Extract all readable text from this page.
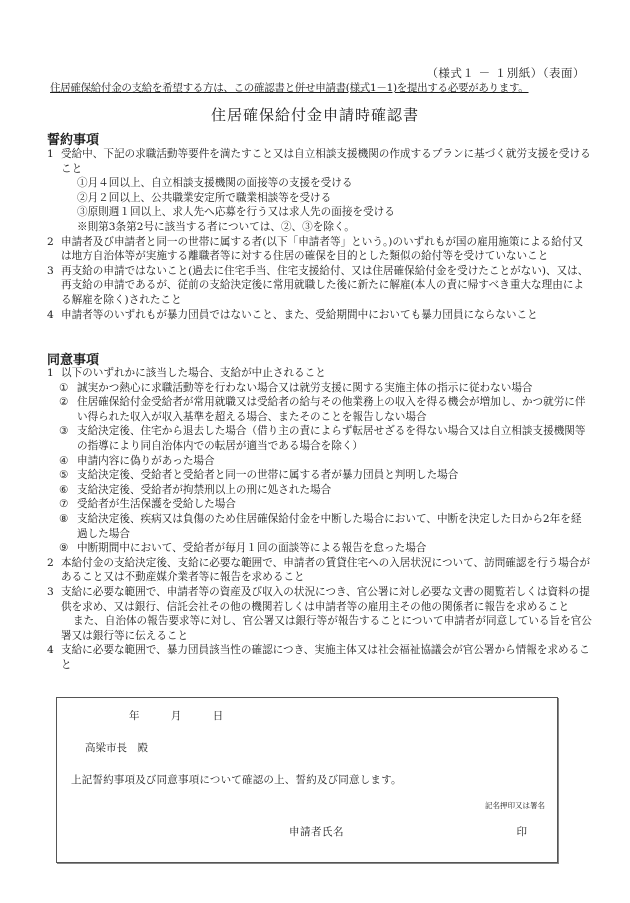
（様式１ － １別紙）（表面）
住居確保給付金の支給を希望する方は、この確認書と併せ申請書(様式1－1)を提出する必要があります。
住居確保給付金申請時確認書
誓約事項
1 受給中、下記の求職活動等要件を満たすこと又は自立相談支援機関の作成するプランに基づく就労支援を受けること
①月４回以上、自立相談支援機関の面接等の支援を受ける
②月２回以上、公共職業安定所で職業相談等を受ける
③原則週１回以上、求人先へ応募を行う又は求人先の面接を受ける
※則第3条第2号に該当する者については、②、③を除く。
2 申請者及び申請者と同一の世帯に属する者(以下「申請者等」という。)のいずれもが国の雇用施策による給付又は地方自治体等が実施する離職者等に対する住居の確保を目的とした類似の給付等を受けていないこと
3 再支給の申請ではないこと(過去に住宅手当、住宅支援給付、又は住居確保給付金を受けたことがない)、又は、再支給の申請であるが、従前の支給決定後に常用就職した後に新たに解雇(本人の責に帰すべき重大な理由による解雇を除く)されたこと
4 申請者等のいずれもが暴力団員ではないこと、また、受給期間中においても暴力団員にならないこと
同意事項
1 以下のいずれかに該当した場合、支給が中止されること
① 誠実かつ熱心に求職活動等を行わない場合又は就労支援に関する実施主体の指示に従わない場合
② 住居確保給付金受給者が常用就職又は受給者の給与その他業務上の収入を得る機会が増加し、かつ就労に伴い得られた収入が収入基準を超える場合、またそのことを報告しない場合
③ 支給決定後、住宅から退去した場合（借り主の責によらず転居せざるを得ない場合又は自立相談支援機関等の指導により同自治体内での転居が適当である場合を除く）
④ 申請内容に偽りがあった場合
⑤ 支給決定後、受給者と受給者と同一の世帯に属する者が暴力団員と判明した場合
⑥ 支給決定後、受給者が拘禁刑以上の刑に処された場合
⑦ 受給者が生活保護を受給した場合
⑧ 支給決定後、疾病又は負傷のため住居確保給付金を中断した場合において、中断を決定した日から2年を経過した場合
⑨ 中断期間中において、受給者が毎月１回の面談等による報告を怠った場合
2 本給付金の支給決定後、支給に必要な範囲で、申請者の賃貸住宅への入居状況について、訪問確認を行う場合があること又は不動産媒介業者等に報告を求めること
3 支給に必要な範囲で、申請者等の資産及び収入の状況につき、官公署に対し必要な文書の閲覧若しくは資料の提供を求め、又は銀行、信託会社その他の機関若しくは申請者等の雇用主その他の関係者に報告を求めること
また、自治体の報告要求等に対し、官公署又は銀行等が報告することについて申請者が同意している旨を官公署又は銀行等に伝えること
4 支給に必要な範囲で、暴力団員該当性の確認につき、実施主体又は社会福祉協議会が官公署から情報を求めること
年	月	日
高梁市長　殿
上記誓約事項及び同意事項について確認の上、誓約及び同意します。
記名押印又は署名
申請者氏名	印
